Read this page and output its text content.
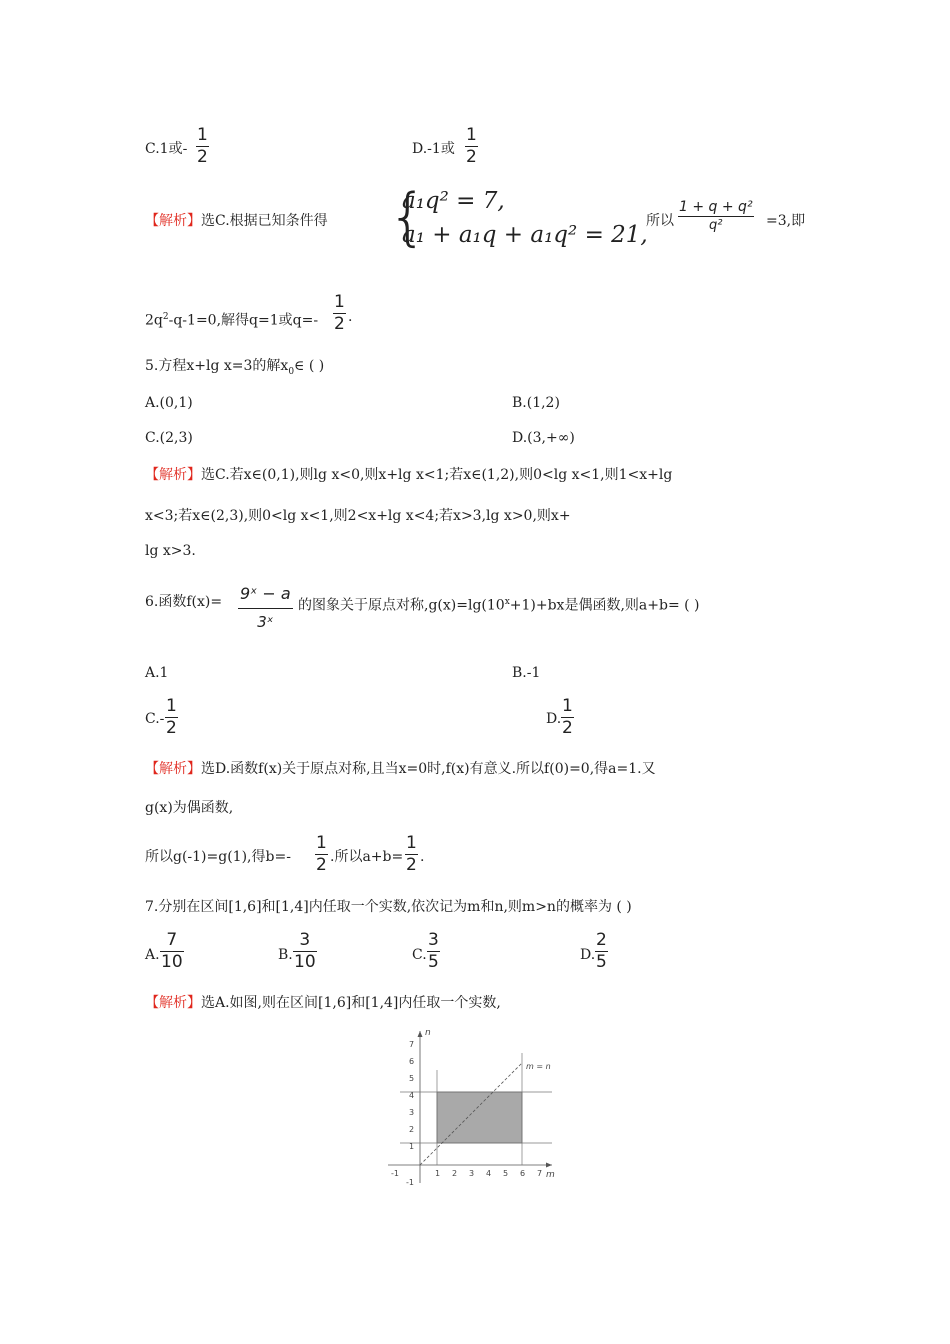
C.1或-
1
2	D.-1或
1
2
【解析】选C.根据已知条件得 {
a₁q² = 7,
a₁ + a₁q + a₁q² = 21,
所以
1 + q + q²
q²	=3,即
$2q^2-q-1=0$,解得q=1或q=-
1
2 .
5.方程x+lg x=3的解$x_0\in$ ( )
A.(0,1)	B.(1,2)
C.(2,3)	D.(3,+∞)
【解析】选C.若x∈(0,1),则lg x<0,则x+lg x<1;若x∈(1,2),则0<lg x<1,则1<x+lg
x<3;若x∈(2,3),则0<lg x<1,则2<x+lg x<4;若x>3,lg x>0,则x+
lg x>3.
6.函数f(x)= 9ˣ − a
3ˣ
的图象关于原点对称$,g(x)=\lg(10^x+1)+bx$是偶函数,则a+b= ( )
A.1	B.-1
C.-
1
2	D.
1
2
【解析】选D.函数f(x)关于原点对称,且当x=0时,f(x)有意义.所以f(0)=0,得a=1.又
g(x)为偶函数,
所以g(-1)=g(1),得b=-
1
2 .所以a+b=
1
2 .
7.分别在区间[1,6]和[1,4]内任取一个实数,依次记为m和n,则m>n的概率为 ( )
A.
7
10	B.
3
10	C.
3
5	D.
2
5
【解析】选A.如图,则在区间[1,6]和[1,4]内任取一个实数,
n
m
m = n
-1	1 2 3 4 5 6 7
7
6
5
4
3
2
1
-1
